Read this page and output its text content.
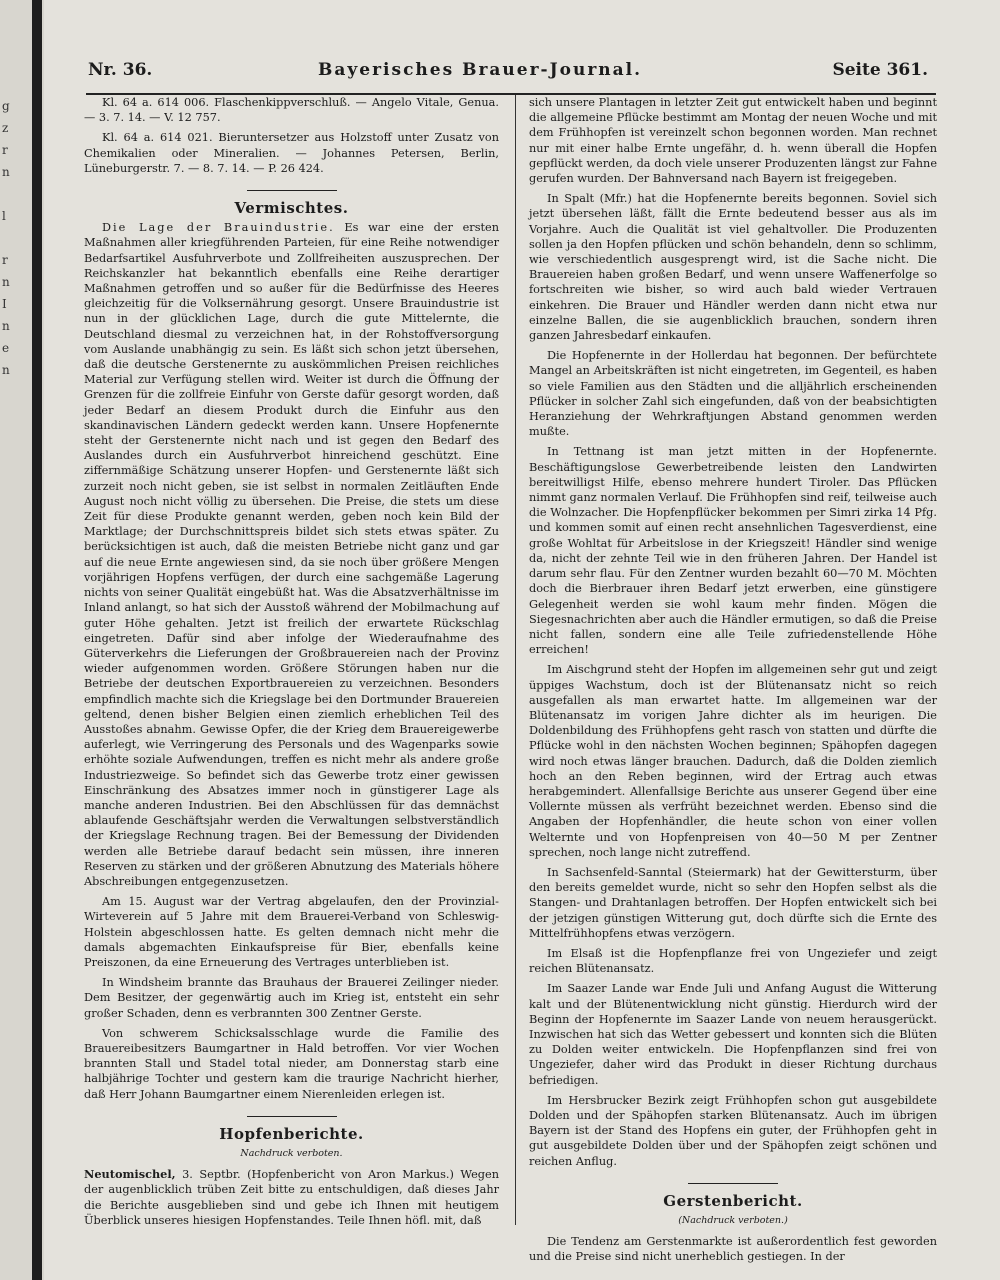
g
z
r
n

l

r
n
I
n
e
n
Nr. 36.	Bayerisches Brauer-Journal.	Seite 361.

Kl. 64 a. 614 006. Flaschenkippverschluß. — Angelo Vitale, Genua. — 3. 7. 14. — V. 12 757.

Kl. 64 a. 614 021. Bieruntersetzer aus Holzstoff unter Zusatz von Chemikalien oder Mineralien. — Johannes Petersen, Berlin, Lüneburgerstr. 7. — 8. 7. 14. — P. 26 424.

Vermischtes.

Die Lage der Brauindustrie. Es war eine der ersten Maßnahmen aller kriegführenden Parteien, für eine Reihe notwendiger Bedarfsartikel Ausfuhrverbote und Zollfreiheiten auszusprechen. Der Reichskanzler hat bekanntlich ebenfalls eine Reihe derartiger Maßnahmen getroffen und so außer für die Bedürfnisse des Heeres gleichzeitig für die Volksernährung gesorgt. Unsere Brauindustrie ist nun in der glücklichen Lage, durch die gute Mittelernte, die Deutschland diesmal zu verzeichnen hat, in der Rohstoffversorgung vom Auslande unabhängig zu sein. Es läßt sich schon jetzt übersehen, daß die deutsche Gerstenernte zu auskömmlichen Preisen reichliches Material zur Verfügung stellen wird. Weiter ist durch die Öffnung der Grenzen für die zollfreie Einfuhr von Gerste dafür gesorgt worden, daß jeder Bedarf an diesem Produkt durch die Einfuhr aus den skandinavischen Ländern gedeckt werden kann. Unsere Hopfenernte steht der Gerstenernte nicht nach und ist gegen den Bedarf des Auslandes durch ein Ausfuhrverbot hinreichend geschützt. Eine ziffernmäßige Schätzung unserer Hopfen- und Gerstenernte läßt sich zurzeit noch nicht geben, sie ist selbst in normalen Zeitläuften Ende August noch nicht völlig zu übersehen. Die Preise, die stets um diese Zeit für diese Produkte genannt werden, geben noch kein Bild der Marktlage; der Durchschnittspreis bildet sich stets etwas später. Zu berücksichtigen ist auch, daß die meisten Betriebe nicht ganz und gar auf die neue Ernte angewiesen sind, da sie noch über größere Mengen vorjährigen Hopfens verfügen, der durch eine sachgemäße Lagerung nichts von seiner Qualität eingebüßt hat. Was die Absatzverhältnisse im Inland anlangt, so hat sich der Ausstoß während der Mobilmachung auf guter Höhe gehalten. Jetzt ist freilich der erwartete Rückschlag eingetreten. Dafür sind aber infolge der Wiederaufnahme des Güterverkehrs die Lieferungen der Großbrauereien nach der Provinz wieder aufgenommen worden. Größere Störungen haben nur die Betriebe der deutschen Exportbrauereien zu verzeichnen. Besonders empfindlich machte sich die Kriegslage bei den Dortmunder Brauereien geltend, denen bisher Belgien einen ziemlich erheblichen Teil des Ausstoßes abnahm. Gewisse Opfer, die der Krieg dem Brauereigewerbe auferlegt, wie Verringerung des Personals und des Wagenparks sowie erhöhte soziale Aufwendungen, treffen es nicht mehr als andere große Industriezweige. So befindet sich das Gewerbe trotz einer gewissen Einschränkung des Absatzes immer noch in günstigerer Lage als manche anderen Industrien. Bei den Abschlüssen für das demnächst ablaufende Geschäftsjahr werden die Verwaltungen selbstverständlich der Kriegslage Rechnung tragen. Bei der Bemessung der Dividenden werden alle Betriebe darauf bedacht sein müssen, ihre inneren Reserven zu stärken und der größeren Abnutzung des Materials höhere Abschreibungen entgegenzusetzen.

Am 15. August war der Vertrag abgelaufen, den der Provinzial-Wirteverein auf 5 Jahre mit dem Brauerei-Verband von Schleswig-Holstein abgeschlossen hatte. Es gelten demnach nicht mehr die damals abgemachten Einkaufspreise für Bier, ebenfalls keine Preiszonen, da eine Erneuerung des Vertrages unterblieben ist.

In Windsheim brannte das Brauhaus der Brauerei Zeilinger nieder. Dem Besitzer, der gegenwärtig auch im Krieg ist, entsteht ein sehr großer Schaden, denn es verbrannten 300 Zentner Gerste.

Von schwerem Schicksalsschlage wurde die Familie des Brauereibesitzers Baumgartner in Hald betroffen. Vor vier Wochen brannten Stall und Stadel total nieder, am Donnerstag starb eine halbjährige Tochter und gestern kam die traurige Nachricht hierher, daß Herr Johann Baumgartner einem Nierenleiden erlegen ist.

Hopfenberichte.
Nachdruck verboten.

Neutomischel, 3. Septbr. (Hopfenbericht von Aron Markus.) Wegen der augenblicklich trüben Zeit bitte zu entschuldigen, daß dieses Jahr die Berichte ausgeblieben sind und gebe ich Ihnen mit heutigem Überblick unseres hiesigen Hopfenstandes. Teile Ihnen höfl. mit, daß

sich unsere Plantagen in letzter Zeit gut entwickelt haben und beginnt die allgemeine Pflücke bestimmt am Montag der neuen Woche und mit dem Frühhopfen ist vereinzelt schon begonnen worden. Man rechnet nur mit einer halbe Ernte ungefähr, d. h. wenn überall die Hopfen gepflückt werden, da doch viele unserer Produzenten längst zur Fahne gerufen wurden. Der Bahnversand nach Bayern ist freigegeben.

In Spalt (Mfr.) hat die Hopfenernte bereits begonnen. Soviel sich jetzt übersehen läßt, fällt die Ernte bedeutend besser aus als im Vorjahre. Auch die Qualität ist viel gehaltvoller. Die Produzenten sollen ja den Hopfen pflücken und schön behandeln, denn so schlimm, wie verschiedentlich ausgesprengt wird, ist die Sache nicht. Die Brauereien haben großen Bedarf, und wenn unsere Waffenerfolge so fortschreiten wie bisher, so wird auch bald wieder Vertrauen einkehren. Die Brauer und Händler werden dann nicht etwa nur einzelne Ballen, die sie augenblicklich brauchen, sondern ihren ganzen Jahresbedarf einkaufen.

Die Hopfenernte in der Hollerdau hat begonnen. Der befürchtete Mangel an Arbeitskräften ist nicht eingetreten, im Gegenteil, es haben so viele Familien aus den Städten und die alljährlich erscheinenden Pflücker in solcher Zahl sich eingefunden, daß von der beabsichtigten Heranziehung der Wehrkraftjungen Abstand genommen werden mußte.

In Tettnang ist man jetzt mitten in der Hopfenernte. Beschäftigungslose Gewerbetreibende leisten den Landwirten bereitwilligst Hilfe, ebenso mehrere hundert Tiroler. Das Pflücken nimmt ganz normalen Verlauf. Die Frühhopfen sind reif, teilweise auch die Wolnzacher. Die Hopfenpflücker bekommen per Simri zirka 14 Pfg. und kommen somit auf einen recht ansehnlichen Tagesverdienst, eine große Wohltat für Arbeitslose in der Kriegszeit! Händler sind wenige da, nicht der zehnte Teil wie in den früheren Jahren. Der Handel ist darum sehr flau. Für den Zentner wurden bezahlt 60—70 M. Möchten doch die Bierbrauer ihren Bedarf jetzt erwerben, eine günstigere Gelegenheit werden sie wohl kaum mehr finden. Mögen die Siegesnachrichten aber auch die Händler ermutigen, so daß die Preise nicht fallen, sondern eine alle Teile zufriedenstellende Höhe erreichen!

Im Aischgrund steht der Hopfen im allgemeinen sehr gut und zeigt üppiges Wachstum, doch ist der Blütenansatz nicht so reich ausgefallen als man erwartet hatte. Im allgemeinen war der Blütenansatz im vorigen Jahre dichter als im heurigen. Die Doldenbildung des Frühhopfens geht rasch von statten und dürfte die Pflücke wohl in den nächsten Wochen beginnen; Spähopfen dagegen wird noch etwas länger brauchen. Dadurch, daß die Dolden ziemlich hoch an den Reben beginnen, wird der Ertrag auch etwas herabgemindert. Allenfallsige Berichte aus unserer Gegend über eine Vollernte müssen als verfrüht bezeichnet werden. Ebenso sind die Angaben der Hopfenhändler, die heute schon von einer vollen Welternte und von Hopfenpreisen von 40—50 M per Zentner sprechen, noch lange nicht zutreffend.

In Sachsenfeld-Sanntal (Steiermark) hat der Gewittersturm, über den bereits gemeldet wurde, nicht so sehr den Hopfen selbst als die Stangen- und Drahtanlagen betroffen. Der Hopfen entwickelt sich bei der jetzigen günstigen Witterung gut, doch dürfte sich die Ernte des Mittelfrühhopfens etwas verzögern.

Im Elsaß ist die Hopfenpflanze frei von Ungeziefer und zeigt reichen Blütenansatz.

Im Saazer Lande war Ende Juli und Anfang August die Witterung kalt und der Blütenentwicklung nicht günstig. Hierdurch wird der Beginn der Hopfenernte im Saazer Lande von neuem herausgerückt. Inzwischen hat sich das Wetter gebessert und konnten sich die Blüten zu Dolden weiter entwickeln. Die Hopfenpflanzen sind frei von Ungeziefer, daher wird das Produkt in dieser Richtung durchaus befriedigen.

Im Hersbrucker Bezirk zeigt Frühhopfen schon gut ausgebildete Dolden und der Spähopfen starken Blütenansatz. Auch im übrigen Bayern ist der Stand des Hopfens ein guter, der Frühhopfen geht in gut ausgebildete Dolden über und der Spähopfen zeigt schönen und reichen Anflug.

Gerstenbericht.
(Nachdruck verboten.)

Die Tendenz am Gerstenmarkte ist außerordentlich fest geworden und die Preise sind nicht unerheblich gestiegen. In der
